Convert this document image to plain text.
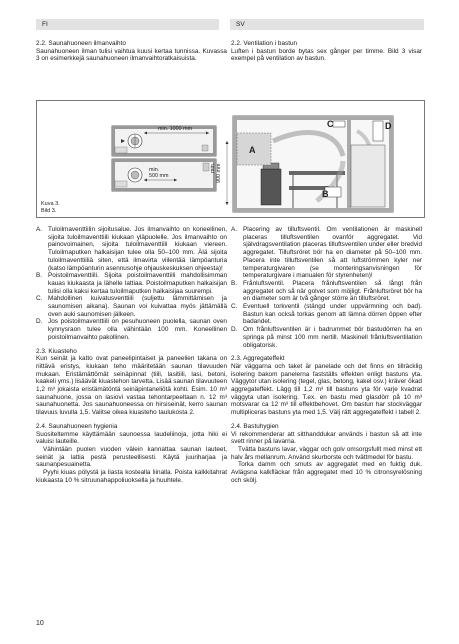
FI	SV

2.2. Saunahuoneen ilmanvaihto

Saunahuoneen ilman tulisi vaihtua kuusi kertaa tunnissa. Kuvassa 3 on esimerkkejä saunahuoneen ilmanvaihtoratkaisuista.

2.2. Ventilation i bastun

Luften i bastun borde bytas sex gånger per timme. Bild 3 visar exempel på ventilation av bastun.

min. 1000 mm
min.
500 mm
min. 900 mm
A
B
C	D
Kuva 3.
Bild 3.
A. Tuloilmaventtiilin sijoitusalue. Jos ilmanvaihto on koneellinen, sijoita tuloilmaventtiili kiukaan yläpuolelle. Jos ilmanvaihto on painovoimainen, sijoita tuloilmaventtiili kiukaan viereen. Tuloilmaputken halkaisijan tulee olla 50–100 mm. Älä sijoita tuloilmaventtiiliä siten, että ilmavirta viilentää lämpöanturia (katso lämpöanturin asennusohje ohjauskeskuksen ohjeesta)!
B. Poistoilmaventtiili. Sijoita poistoilmaventtiili mahdollisimman kauas kiukaasta ja lähelle lattiaa. Poistoilmaputken halkaisijan tulisi olla kaksi kertaa tuloilmaputken halkaisijaa suurempi.
C. Mahdollinen kuivatusventtiili (suljettu lämmittämisen ja saunomisen aikana). Saunan voi kuivattaa myös jättämällä oven auki saunomisen jälkeen.
D. Jos poistoilmaventtiili on pesuhuoneen puolella, saunan oven kynnysraon tulee olla vähintään 100 mm. Koneellinen poistoilmanvaihto pakollinen.

2.3. Kiuasteho

Kun seinät ja katto ovat paneelipintaiset ja paneelien takana on riittävä eristys, kiukaan teho määritetään saunan tilavuuden mukaan. Eristämättömät seinäpinnat (tiili, lasitiili, lasi, betoni, kaakeli yms.) lisäävät kiuastehon tarvetta. Lisää saunan tilavuuteen 1,2 m³ jokaista eristämätöntä seinäpintaneliötä kohti. Esim. 10 m³ saunahuone, jossa on lasiovi vastaa tehontarpeeltaan n. 12 m³ saunahuonetta. Jos saunahuoneessa on hirsiseinät, kerro saunan tilavuus luvulla 1,5. Valitse oikea kiuasteho taulukosta 2.

2.4. Saunahuoneen hygienia

Suositeltemme käyttämään saunoessa laudeliinoja, jotta hiki ei valuisi lauteille.

Vähintään puolen vuoden välein kannattaa saunan lauteet, seinät ja lattia pestä perusteellisesti. Käytä juuriharjaa ja saunanpesuainetta.

Pyyhi kiuas pölystä ja liasta kostealla liinalla. Poista kalkkitahrat kiukaasta 10 % sitruunahappoliuoksella ja huuhtele.

A. Placering av tilluftsventil. Om ventilationen är maskinell placeras tilluftsventilen ovanför aggregatet. Vid självdragsventilation placeras tilluftsventilen under eller bredvid aggregatet. Tilluftsröret bör ha en diameter på 50–100 mm. Placera inte tilluftsventilen så att luftströmmen kyler ner temperaturgivaren (se monteringsanvisningen för temperaturgivare i manualen för styrenheten)!
B. Frånluftsventil. Placera frånluftsventilen så långt från aggregatet och så när golvet som möjligt. Frånluftsröret bör ha en diameter som är två gånger större än tilluftsröret.
C. Eventuell torkventil (stängd under uppvärmning och bad). Bastun kan också torkas genom att lämna dörren öppen efter badandet.
D. Om frånluftsventilen är i badrummet bör bastudörren ha en springa på minst 100 mm nertill. Maskinell frånluftsventilation obligatorisk.

2.3. Aggregateffekt

När väggarna och taket är panelade och det finns en tillräcklig isolering bakom panelerna fastställs effekten enligt bastuns yta. Väggytor utan isolering (tegel, glas, betong, kakel osv.) kräver ökad aggregateffekt. Lägg till 1,2 m³ till bastuns yta för varje kvadrat väggyta utan isolering. T.ex. en bastu med glasdörr på 10 m³ motsvarar ca 12 m³ till effektbehovet. Om bastun har stockväggar multipliceras bastuns yta med 1,5. Välj rätt aggregateffekt i tabell 2.

2.4. Bastuhygien

Vi rekommenderar att sitthanddukar används i bastun så att inte svett rinner på lavarna.

Tvätta bastuns lavar, väggar och golv omsorgsfullt med minst ett halv års mellanrum. Använd skurborste och tvättmedel för bastu.

Torka damm och smuts av aggregatet med en fuktig duk. Avlägsna kalkfläckar från aggregatet med 10 % citronsyrelösning och skölj.

10
